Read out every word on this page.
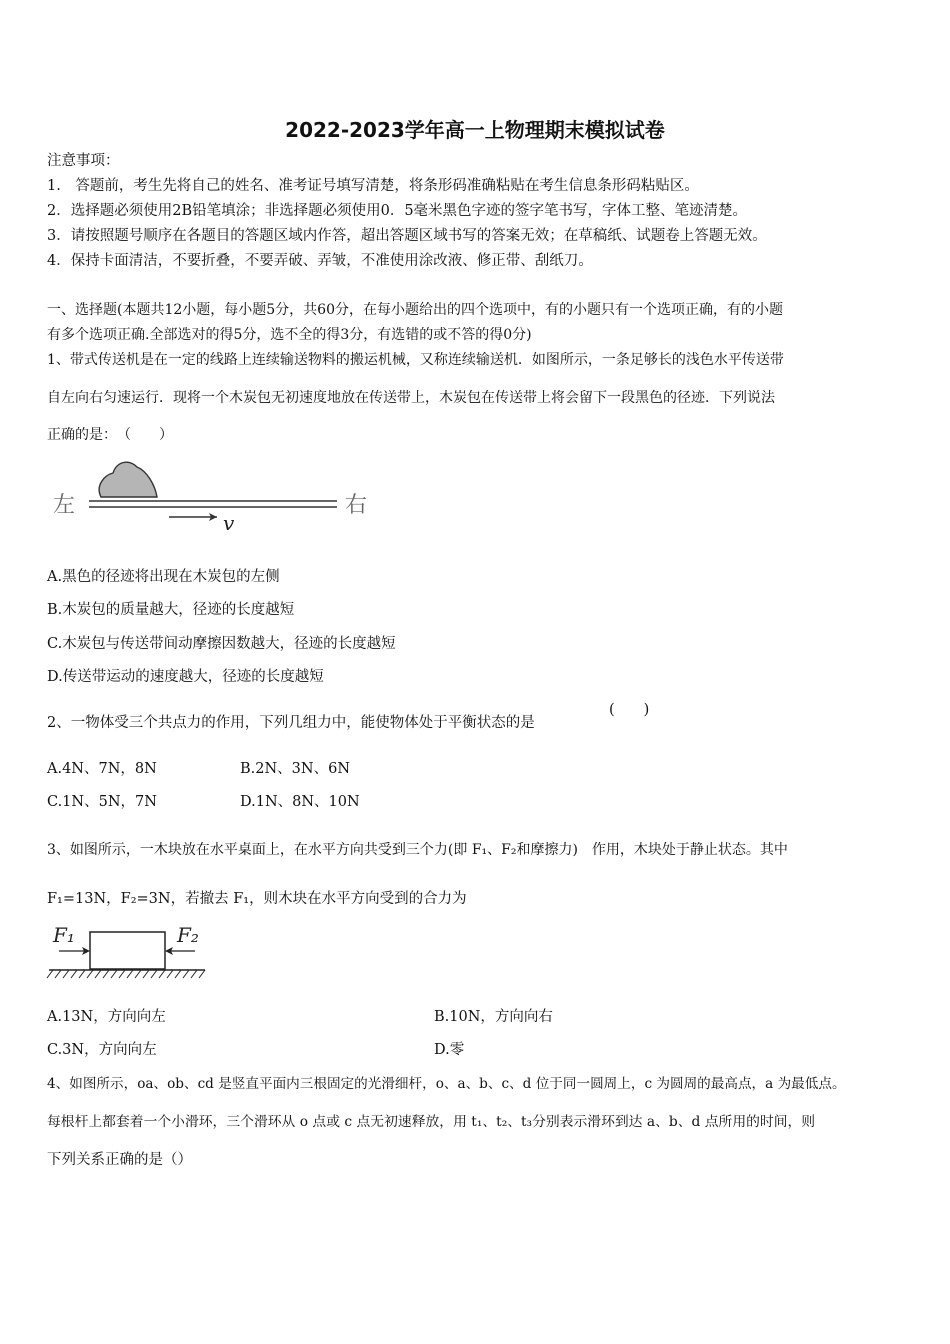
2022-2023学年高一上物理期末模拟试卷
注意事项：
1.　答题前，考生先将自己的姓名、准考证号填写清楚，将条形码准确粘贴在考生信息条形码粘贴区。
2．选择题必须使用2B铅笔填涂；非选择题必须使用0．5毫米黑色字迹的签字笔书写，字体工整、笔迹清楚。
3．请按照题号顺序在各题目的答题区域内作答，超出答题区域书写的答案无效；在草稿纸、试题卷上答题无效。
4．保持卡面清洁，不要折叠，不要弄破、弄皱，不准使用涂改液、修正带、刮纸刀。
一、选择题(本题共12小题，每小题5分，共60分，在每小题给出的四个选项中，有的小题只有一个选项正确，有的小题
有多个选项正确.全部选对的得5分，选不全的得3分，有选错的或不答的得0分)
1、带式传送机是在一定的线路上连续输送物料的搬运机械，又称连续输送机．如图所示，一条足够长的浅色水平传送带
自左向右匀速运行．现将一个木炭包无初速度地放在传送带上，木炭包在传送带上将会留下一段黑色的径迹．下列说法
正确的是：　（　　）
左	右
v
A.黑色的径迹将出现在木炭包的左侧
B.木炭包的质量越大，径迹的长度越短
C.木炭包与传送带间动摩擦因数越大，径迹的长度越短
D.传送带运动的速度越大，径迹的长度越短
2、一物体受三个共点力的作用，下列几组力中，能使物体处于平衡状态的是
(　　)
A.4N、7N，8N	B.2N、3N、6N
C.1N、5N，7N	D.1N、8N、10N
3、如图所示，一木块放在水平桌面上，在水平方向共受到三个力(即 F₁、F₂和摩擦力)　作用，木块处于静止状态。其中
F₁=13N，F₂=3N，若撤去 F₁，则木块在水平方向受到的合力为
F₁	F₂
A.13N，方向向左	B.10N，方向向右
C.3N，方向向左	D.零
4、如图所示，oa、ob、cd 是竖直平面内三根固定的光滑细杆，o、a、b、c、d 位于同一圆周上，c 为圆周的最高点，a 为最低点。
每根杆上都套着一个小滑环，三个滑环从 o 点或 c 点无初速释放，用 t₁、t₂、t₃分别表示滑环到达 a、b、d 点所用的时间，则
下列关系正确的是（）
